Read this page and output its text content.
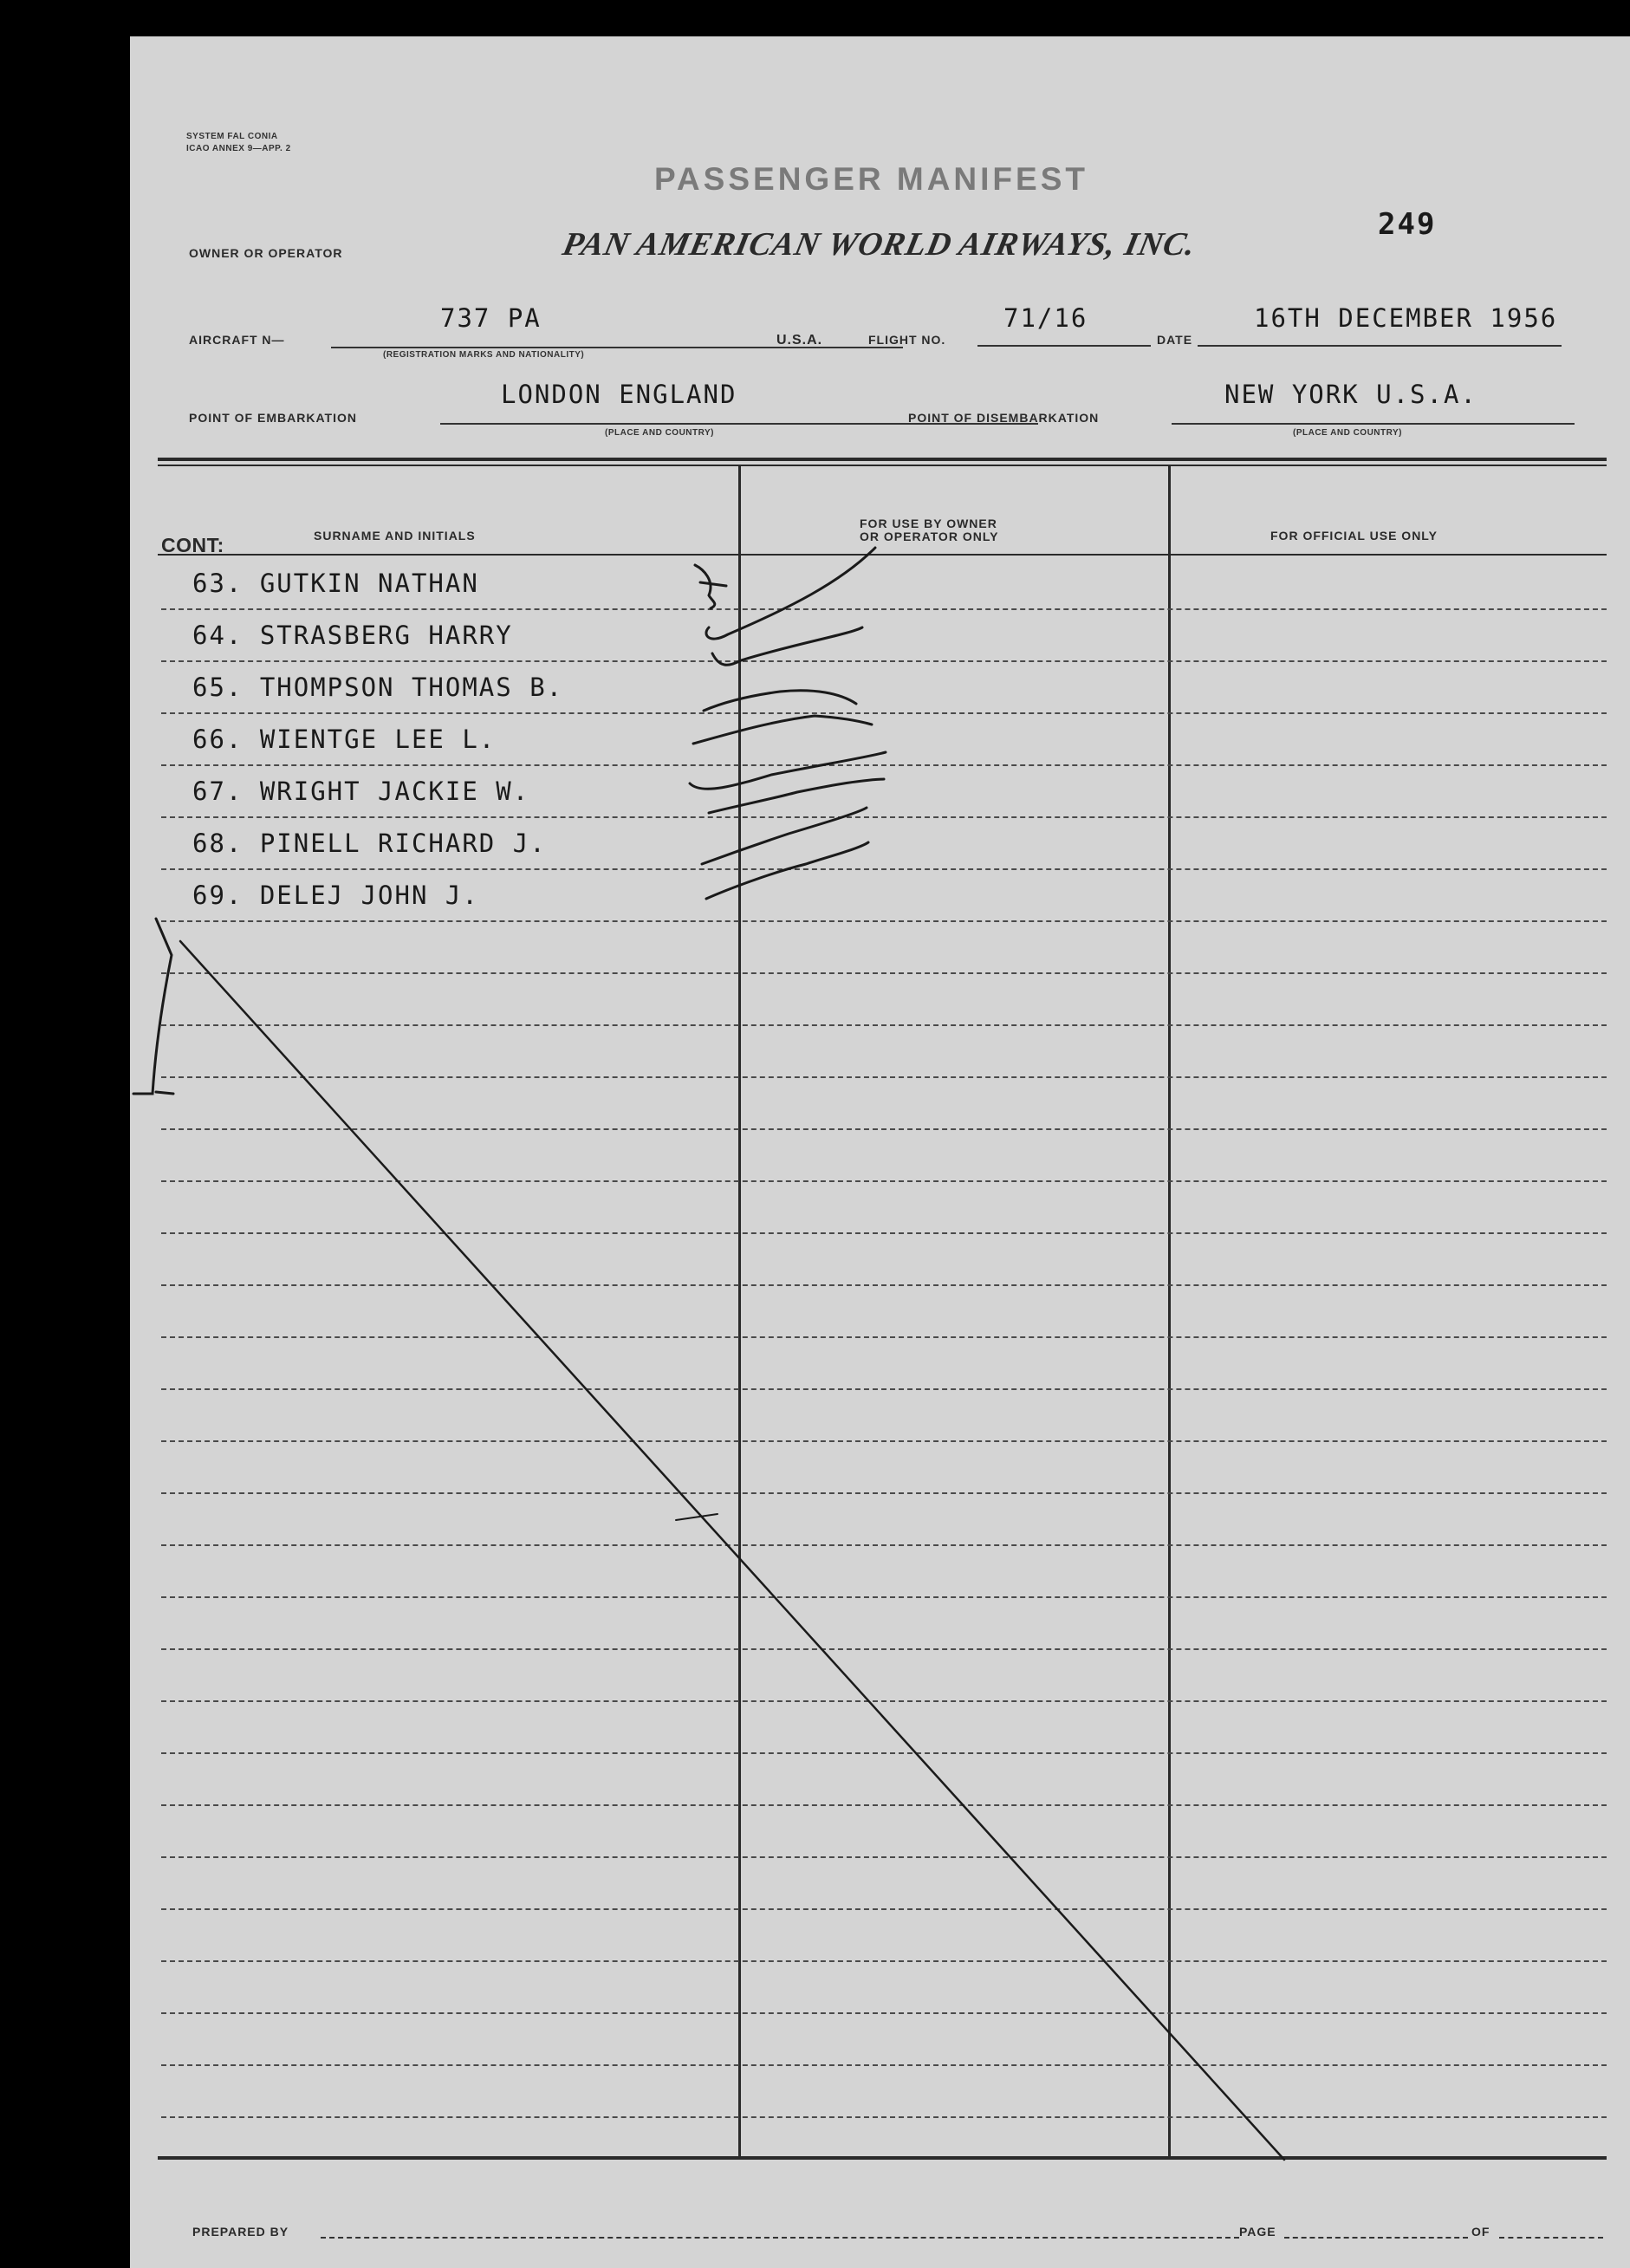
SYSTEM FAL CONIA
ICAO ANNEX 9—APP. 2
PASSENGER MANIFEST
249
OWNER OR OPERATOR	PAN AMERICAN WORLD AIRWAYS, INC.
AIRCRAFT N—
737 PA
(REGISTRATION MARKS AND NATIONALITY)
U.S.A.	FLIGHT NO.
71/16
DATE
16TH DECEMBER 1956
POINT OF EMBARKATION
LONDON ENGLAND
(PLACE AND COUNTRY)
POINT OF DISEMBARKATION
NEW YORK U.S.A.
(PLACE AND COUNTRY)
CONT:	SURNAME AND INITIALS
FOR USE BY OWNER
OR OPERATOR ONLY	FOR OFFICIAL USE ONLY
63. GUTKIN NATHAN
64. STRASBERG HARRY
65. THOMPSON THOMAS B.
66. WIENTGE LEE L.
67. WRIGHT JACKIE W.
68. PINELL RICHARD J.
69. DELEJ JOHN J.
PREPARED BY	PAGE	OF
